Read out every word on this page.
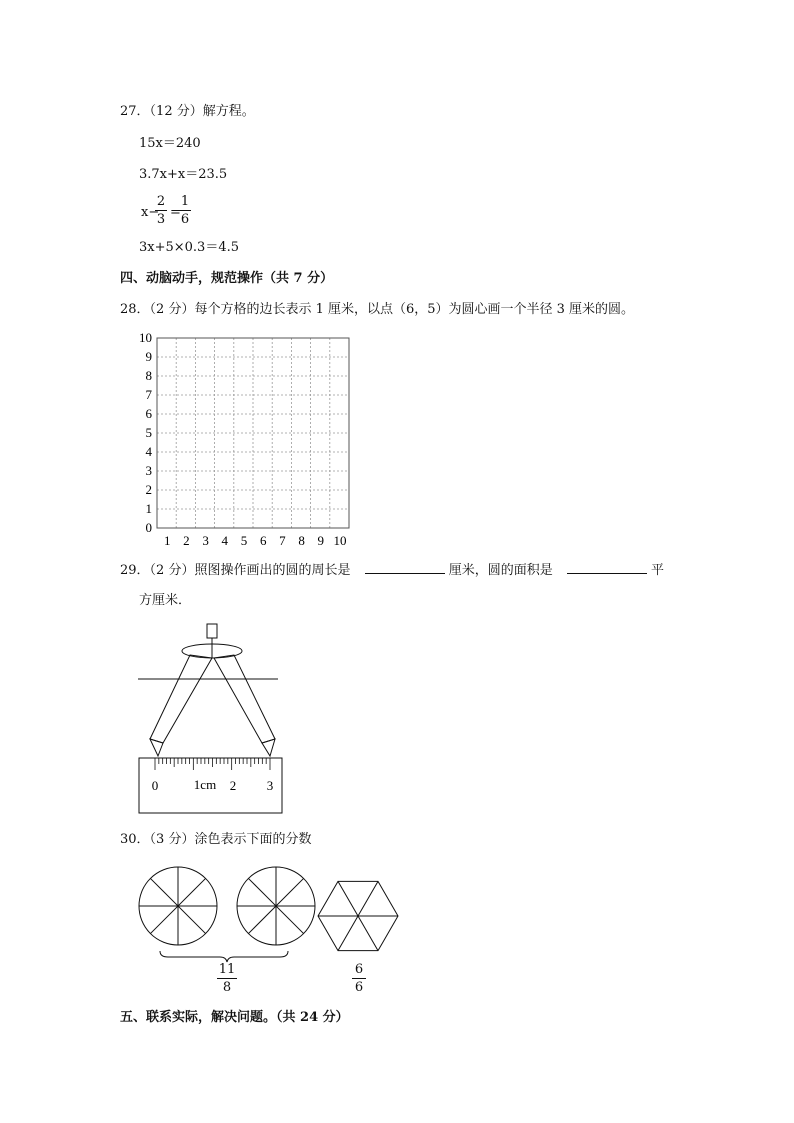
27．（12 分）解方程。
15x＝240
3.7x+x＝23.5
x−
2
3 =
1
6
3x+5×0.3＝4.5
四、动脑动手，规范操作（共 7 分）
28．（2 分）每个方格的边长表示 1 厘米，以点（6，5）为圆心画一个半径 3 厘米的圆。
10
9
8
7
6
5
4
3
2
1
0
1 2 3 4 5 6 7 8 9 10
29．（2 分）照图操作画出的圆的周长是	厘米，圆的面积是	平
方厘米．
0	1cm 2 3
30．（3 分）涂色表示下面的分数
11
8
6
6
五、联系实际，解决问题。（共 24 分）
